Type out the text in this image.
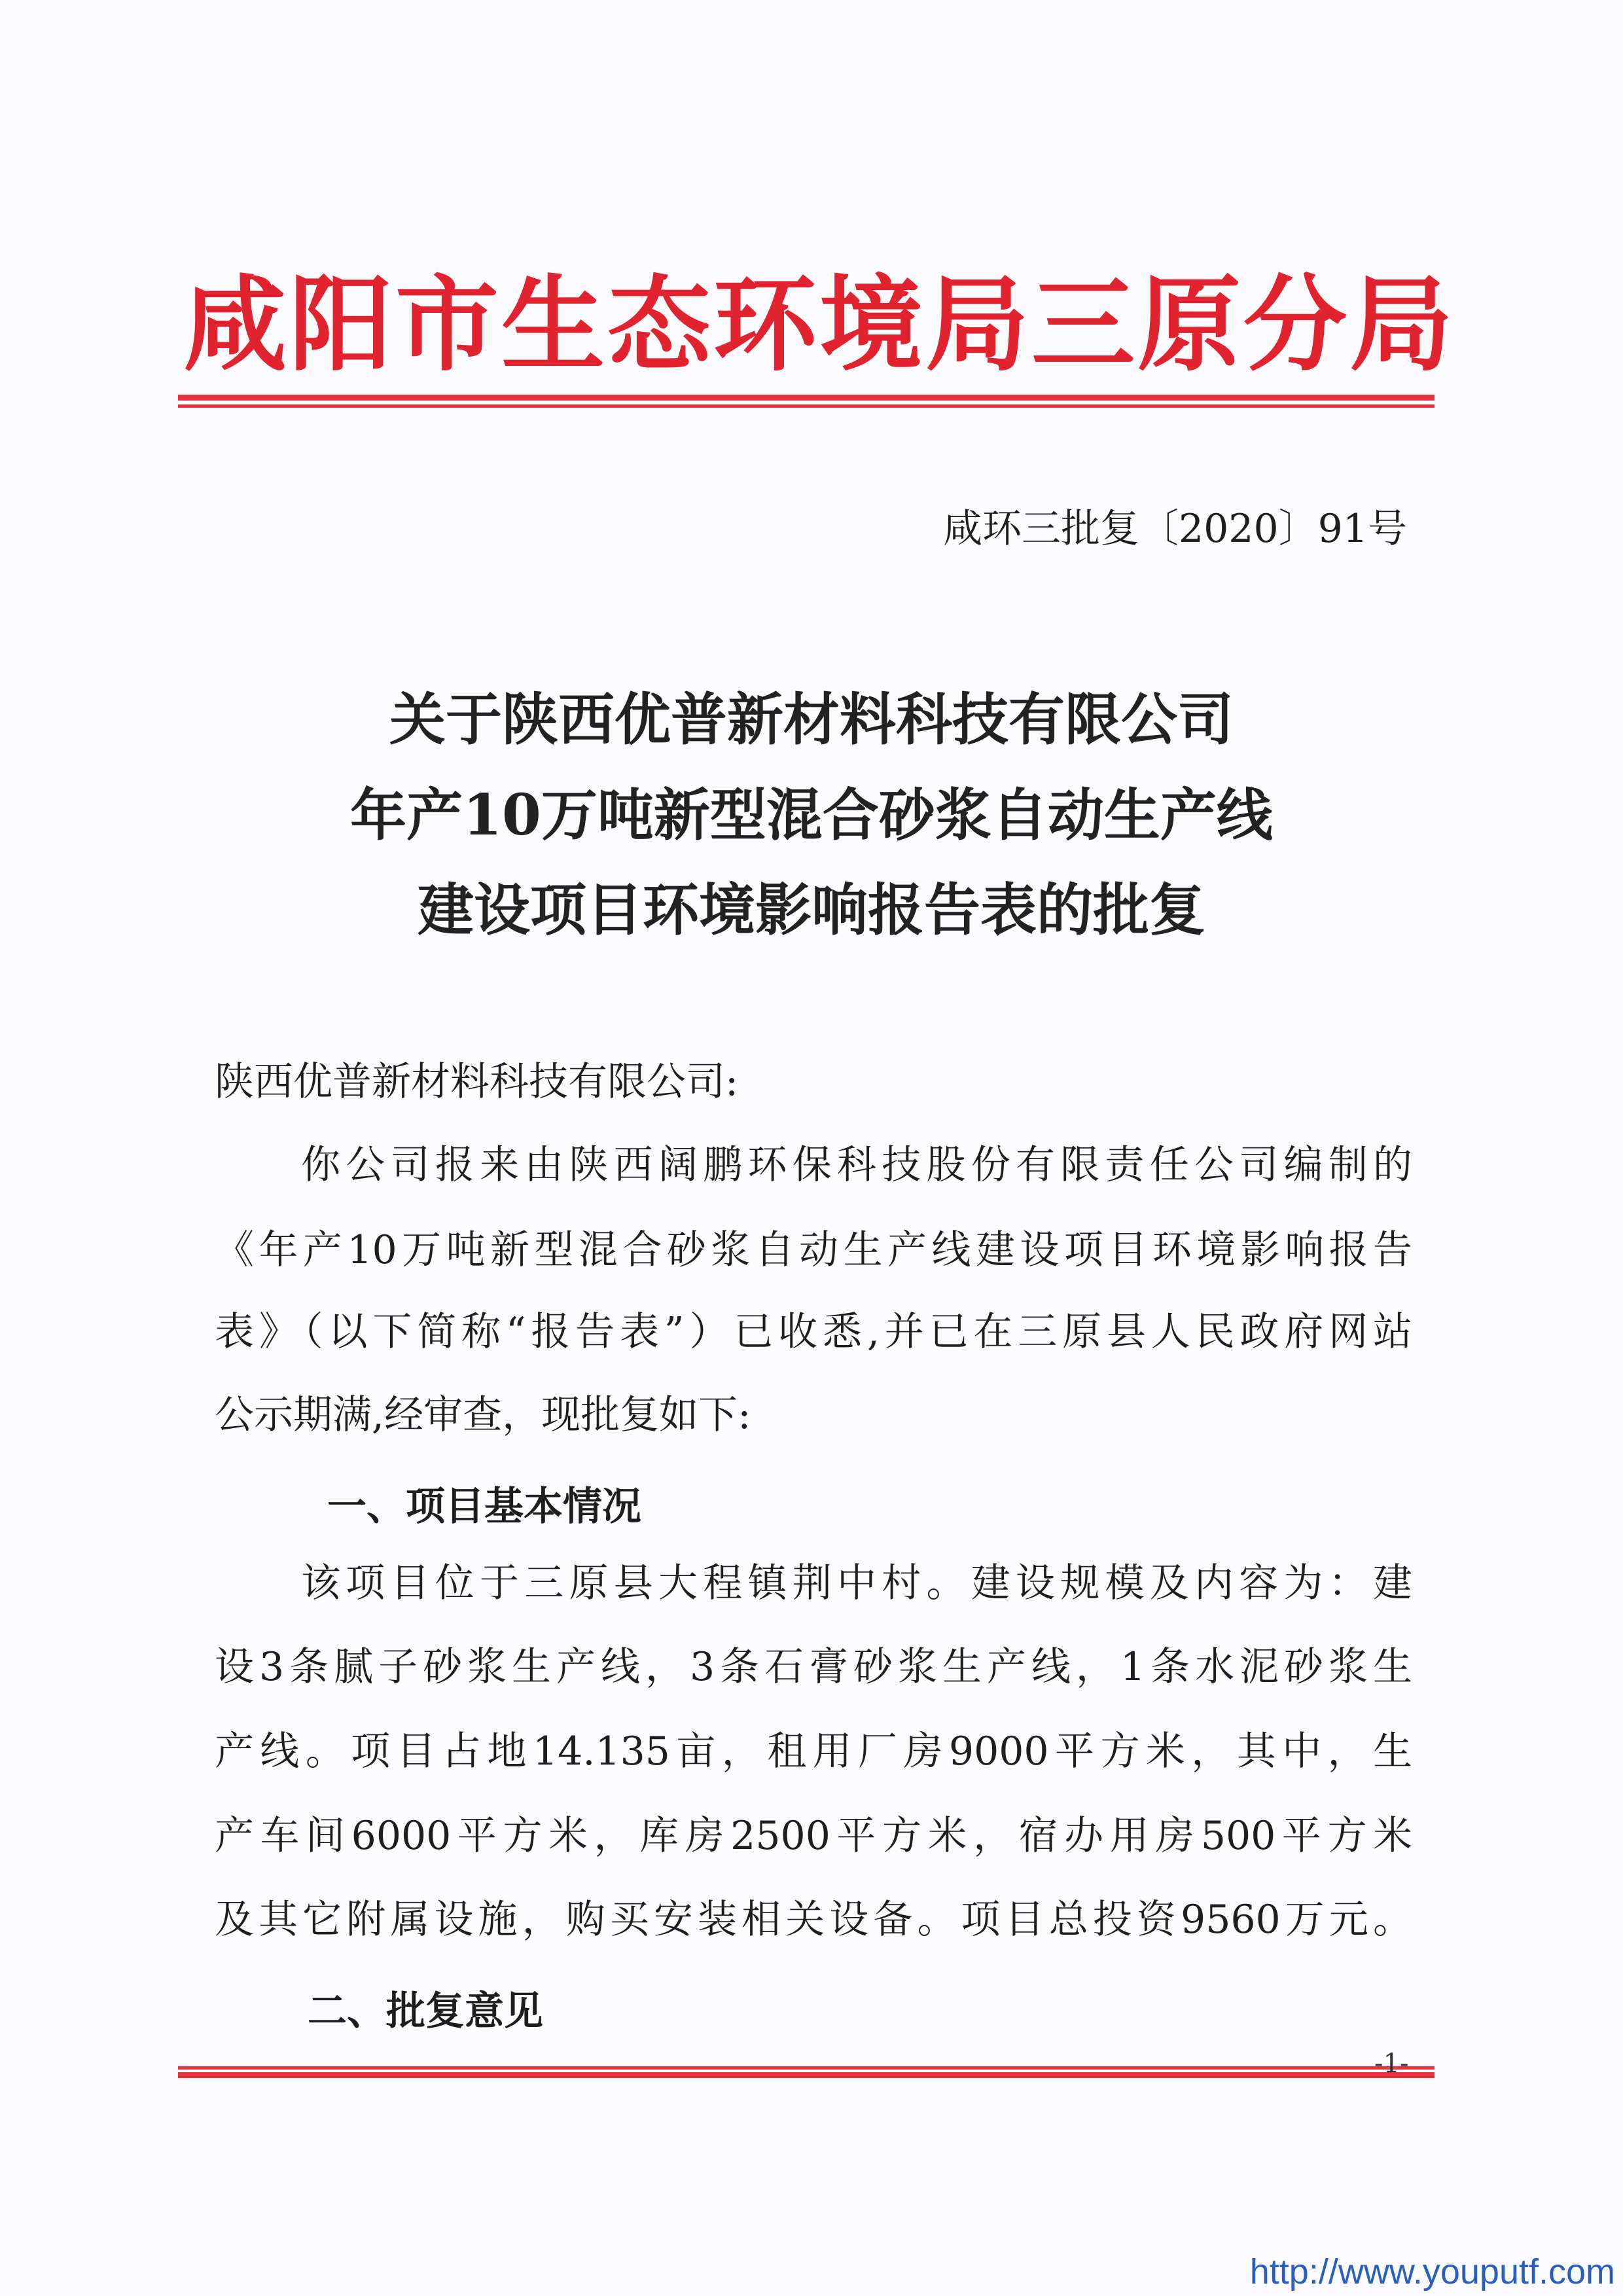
咸阳市生态环境局三原分局
咸环三批复〔2020〕91号
关于陕西优普新材料科技有限公司
年产10万吨新型混合砂浆自动生产线
建设项目环境影响报告表的批复
陕西优普新材料科技有限公司:
你公司报来由陕西阔鹏环保科技股份有限责任公司编制的
《年产10万吨新型混合砂浆自动生产线建设项目环境影响报告
表》（以下简称“报告表”）已收悉,并已在三原县人民政府网站
公示期满,经审查，现批复如下:
一、项目基本情况
该项目位于三原县大程镇荆中村。建设规模及内容为：建
设3条腻子砂浆生产线，3条石膏砂浆生产线，1条水泥砂浆生
产线。项目占地14.135亩，租用厂房9000平方米，其中，生
产车间6000平方米，库房2500平方米，宿办用房500平方米
及其它附属设施，购买安装相关设备。项目总投资9560万元。
二、批复意见
-1-
http://www.youputf.com
